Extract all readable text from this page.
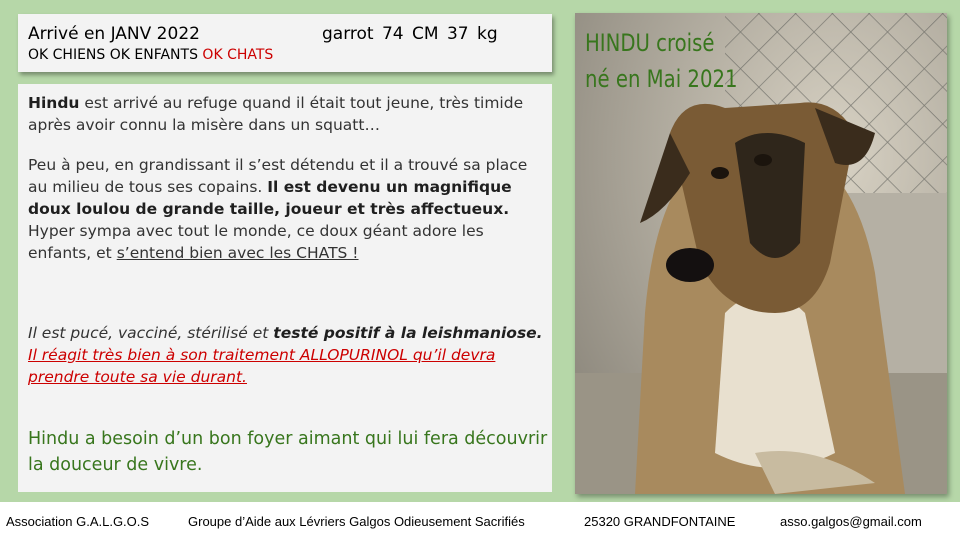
Arrivé en JANV 2022	garrot 74 CM 37 kg
OK CHIENS OK ENFANTS OK CHATS

Hindu est arrivé au refuge quand il était tout jeune, très timide après avoir connu la misère dans un squatt…

Peu à peu, en grandissant il s’est détendu et il a trouvé sa place au milieu de tous ses copains. Il est devenu un magnifique doux loulou de grande taille, joueur et très affectueux. Hyper sympa avec tout le monde, ce doux géant adore les enfants, et s’entend bien avec les CHATS !

Il est pucé, vacciné, stérilisé et testé positif à la leishmaniose. Il réagit très bien à son traitement ALLOPURINOL qu’il devra prendre toute sa vie durant.

Hindu a besoin d’un bon foyer aimant qui lui fera découvrir la douceur de vivre.

HINDU croisé
né en Mai 2021
Association G.A.L.G.O.S	Groupe d’Aide aux Lévriers Galgos Odieusement Sacrifiés	25320 GRANDFONTAINE	asso.galgos@gmail.com
